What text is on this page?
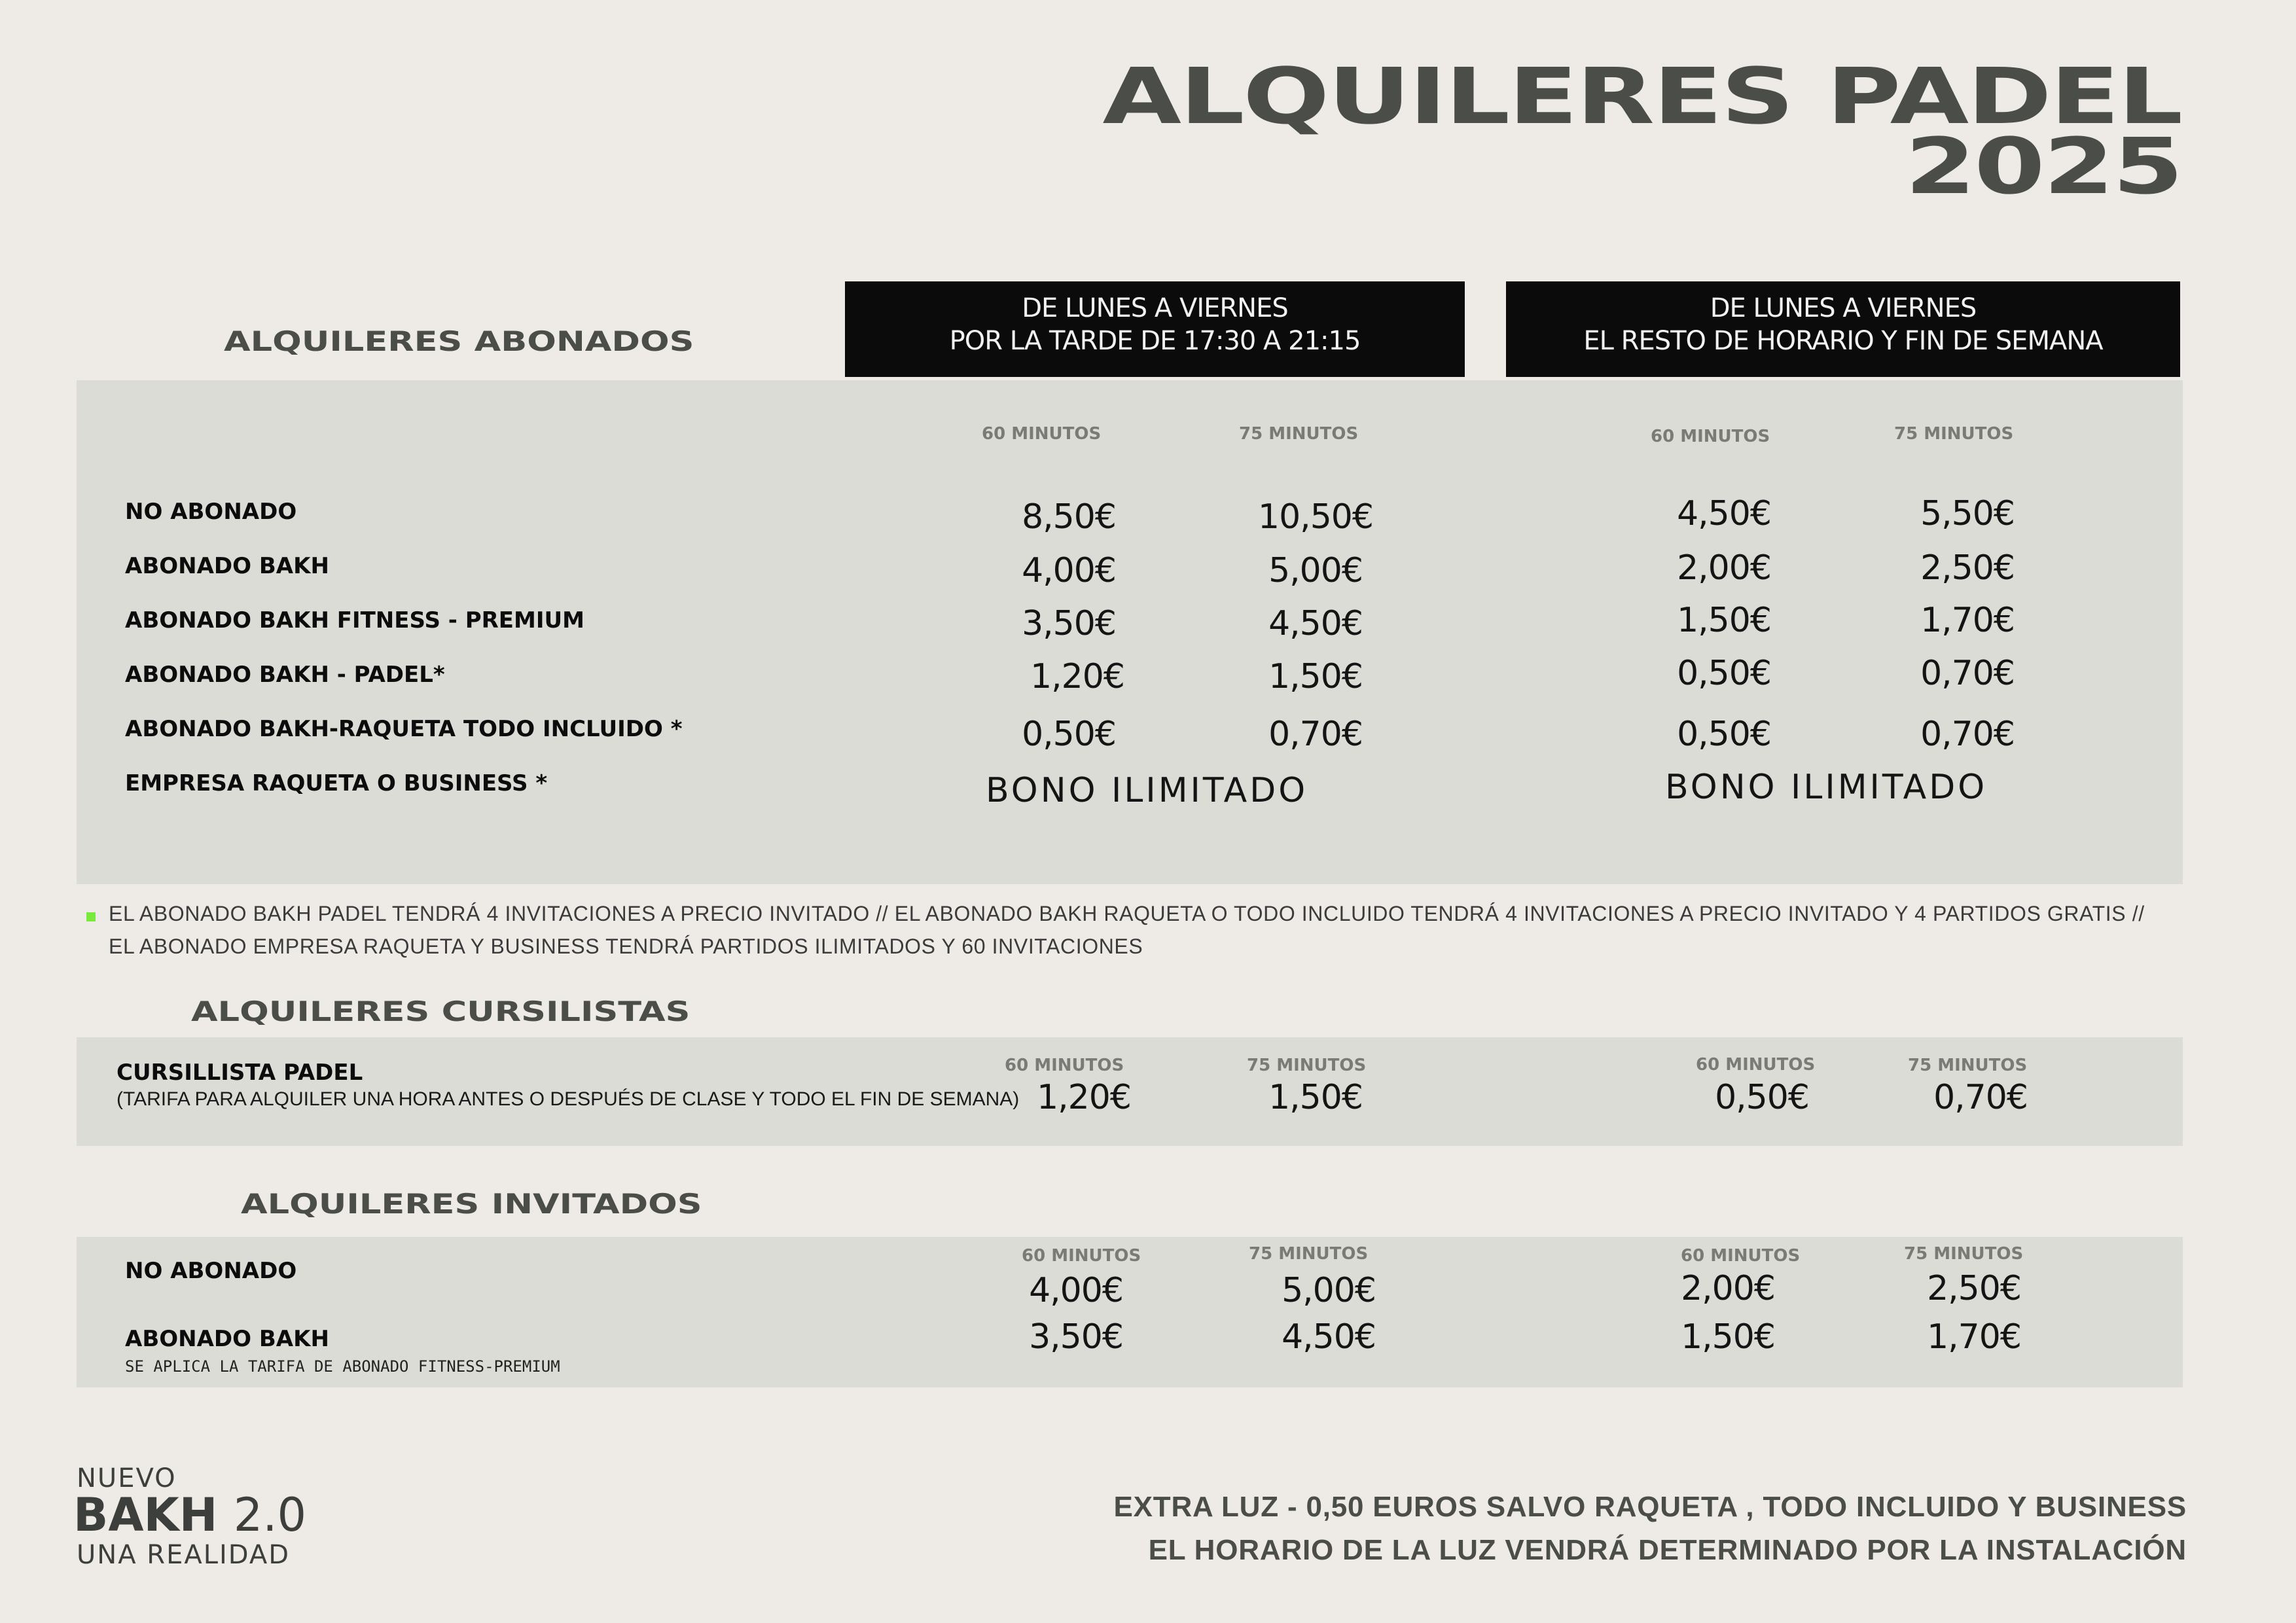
ALQUILERES PADEL
2025
ALQUILERES ABONADOS
DE LUNES A VIERNES
POR LA TARDE DE 17:30 A 21:15
DE LUNES A VIERNES
EL RESTO DE HORARIO Y FIN DE SEMANA
60 MINUTOS	75 MINUTOS	60 MINUTOS	75 MINUTOS
NO ABONADO	8,50€	10,50€	4,50€	5,50€
ABONADO BAKH	4,00€	5,00€	2,00€	2,50€
ABONADO BAKH FITNESS - PREMIUM	3,50€	4,50€	1,50€	1,70€
ABONADO BAKH - PADEL*	1,20€	1,50€	0,50€	0,70€
ABONADO BAKH-RAQUETA TODO INCLUIDO *	0,50€	0,70€	0,50€	0,70€
EMPRESA RAQUETA O BUSINESS *	BONO ILIMITADO	BONO ILIMITADO
EL ABONADO BAKH PADEL TENDRÁ 4 INVITACIONES A PRECIO INVITADO // EL ABONADO BAKH RAQUETA O TODO INCLUIDO TENDRÁ 4 INVITACIONES A PRECIO INVITADO Y 4 PARTIDOS GRATIS //
EL ABONADO EMPRESA RAQUETA Y BUSINESS TENDRÁ PARTIDOS ILIMITADOS Y 60 INVITACIONES
ALQUILERES CURSILISTAS
CURSILLISTA PADEL
(TARIFA PARA ALQUILER UNA HORA ANTES O DESPUÉS DE CLASE Y TODO EL FIN DE SEMANA)
60 MINUTOS	75 MINUTOS	60 MINUTOS	75 MINUTOS
1,20€	1,50€	0,50€	0,70€
ALQUILERES INVITADOS
60 MINUTOS	75 MINUTOS	60 MINUTOS	75 MINUTOS
NO ABONADO	4,00€	5,00€	2,00€	2,50€
ABONADO BAKH
SE APLICA LA TARIFA DE ABONADO FITNESS-PREMIUM
3,50€	4,50€	1,50€	1,70€
NUEVO
BAKH 2.0
UNA REALIDAD
EXTRA LUZ - 0,50 EUROS SALVO RAQUETA , TODO INCLUIDO Y BUSINESS
EL HORARIO DE LA LUZ VENDRÁ DETERMINADO POR LA INSTALACIÓN
